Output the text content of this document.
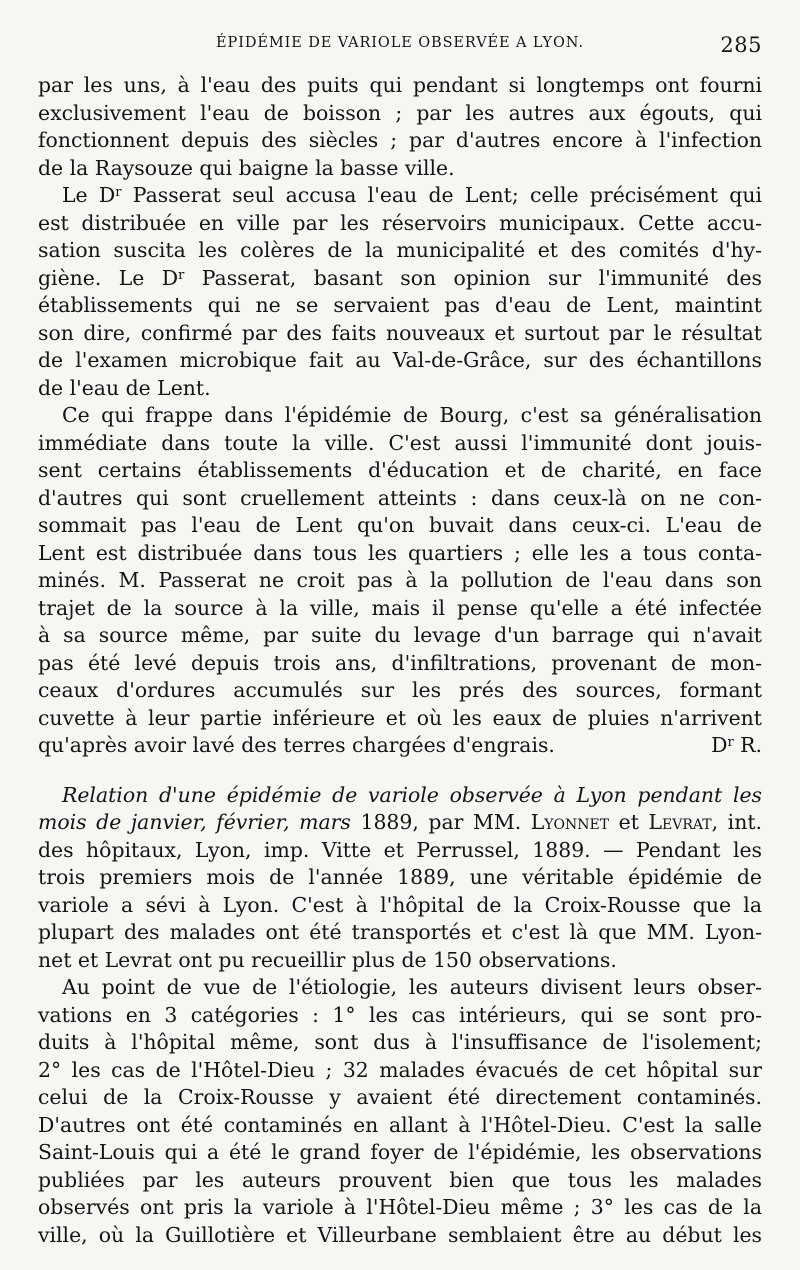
ÉPIDÉMIE DE VARIOLE OBSERVÉE A LYON.	285
par les uns, à l'eau des puits qui pendant si longtemps ont fourni
exclusivement l'eau de boisson ; par les autres aux égouts, qui
fonctionnent depuis des siècles ; par d'autres encore à l'infection
de la Raysouze qui baigne la basse ville.
Le $D^r$ Passerat seul accusa l'eau de Lent; celle précisément qui
est distribuée en ville par les réservoirs municipaux. Cette accu-
sation suscita les colères de la municipalité et des comités d'hy-
giène. Le $D^r$ Passerat, basant son opinion sur l'immunité des
établissements qui ne se servaient pas d'eau de Lent, maintint
son dire, confirmé par des faits nouveaux et surtout par le résultat
de l'examen microbique fait au Val-de-Grâce, sur des échantillons
de l'eau de Lent.
Ce qui frappe dans l'épidémie de Bourg, c'est sa généralisation
immédiate dans toute la ville. C'est aussi l'immunité dont jouis-
sent certains établissements d'éducation et de charité, en face
d'autres qui sont cruellement atteints : dans ceux-là on ne con-
sommait pas l'eau de Lent qu'on buvait dans ceux-ci. L'eau de
Lent est distribuée dans tous les quartiers ; elle les a tous conta-
minés. M. Passerat ne croit pas à la pollution de l'eau dans son
trajet de la source à la ville, mais il pense qu'elle a été infectée
à sa source même, par suite du levage d'un barrage qui n'avait
pas été levé depuis trois ans, d'infiltrations, provenant de mon-
ceaux d'ordures accumulés sur les prés des sources, formant
cuvette à leur partie inférieure et où les eaux de pluies n'arrivent
qu'après avoir lavé des terres chargées d'engrais.	$D^r$ R.
Relation d'une épidémie de variole observée à Lyon pendant les
mois de janvier, février, mars 1889, par MM. Lyonnet et Levrat, int.
des hôpitaux, Lyon, imp. Vitte et Perrussel, 1889. — Pendant les
trois premiers mois de l'année 1889, une véritable épidémie de
variole a sévi à Lyon. C'est à l'hôpital de la Croix-Rousse que la
plupart des malades ont été transportés et c'est là que MM. Lyon-
net et Levrat ont pu recueillir plus de 150 observations.
Au point de vue de l'étiologie, les auteurs divisent leurs obser-
vations en 3 catégories : 1° les cas intérieurs, qui se sont pro-
duits à l'hôpital même, sont dus à l'insuffisance de l'isolement;
2° les cas de l'Hôtel-Dieu ; 32 malades évacués de cet hôpital sur
celui de la Croix-Rousse y avaient été directement contaminés.
D'autres ont été contaminés en allant à l'Hôtel-Dieu. C'est la salle
Saint-Louis qui a été le grand foyer de l'épidémie, les observations
publiées par les auteurs prouvent bien que tous les malades
observés ont pris la variole à l'Hôtel-Dieu même ; 3° les cas de la
ville, où la Guillotière et Villeurbane semblaient être au début les
